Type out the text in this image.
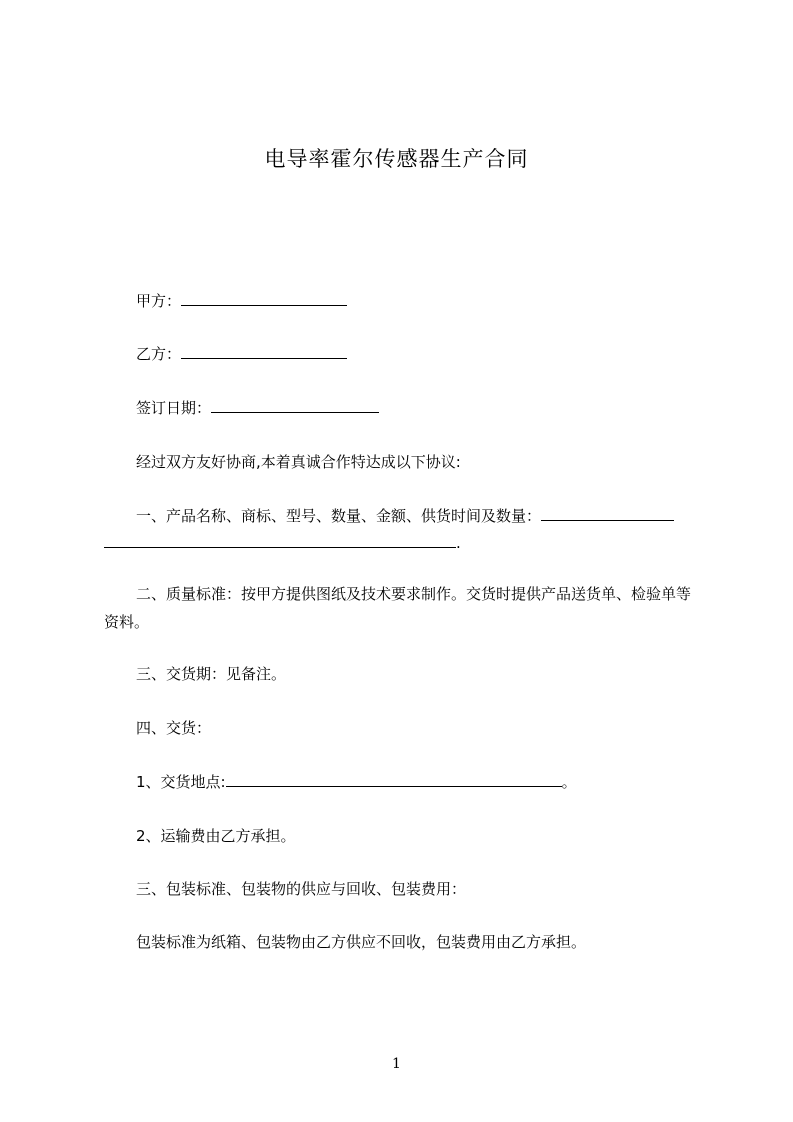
电导率霍尔传感器生产合同
甲方：
乙方：
签订日期：
经过双方友好协商,本着真诚合作特达成以下协议:
一、产品名称、商标、型号、数量、金额、供货时间及数量：
.
二、质量标准：按甲方提供图纸及技术要求制作。交货时提供产品送货单、检验单等资料。
三、交货期：见备注。
四、交货：
1、交货地点:	。
2、运输费由乙方承担。
三、包装标准、包装物的供应与回收、包装费用：
包装标准为纸箱、包装物由乙方供应不回收，包装费用由乙方承担。
1
